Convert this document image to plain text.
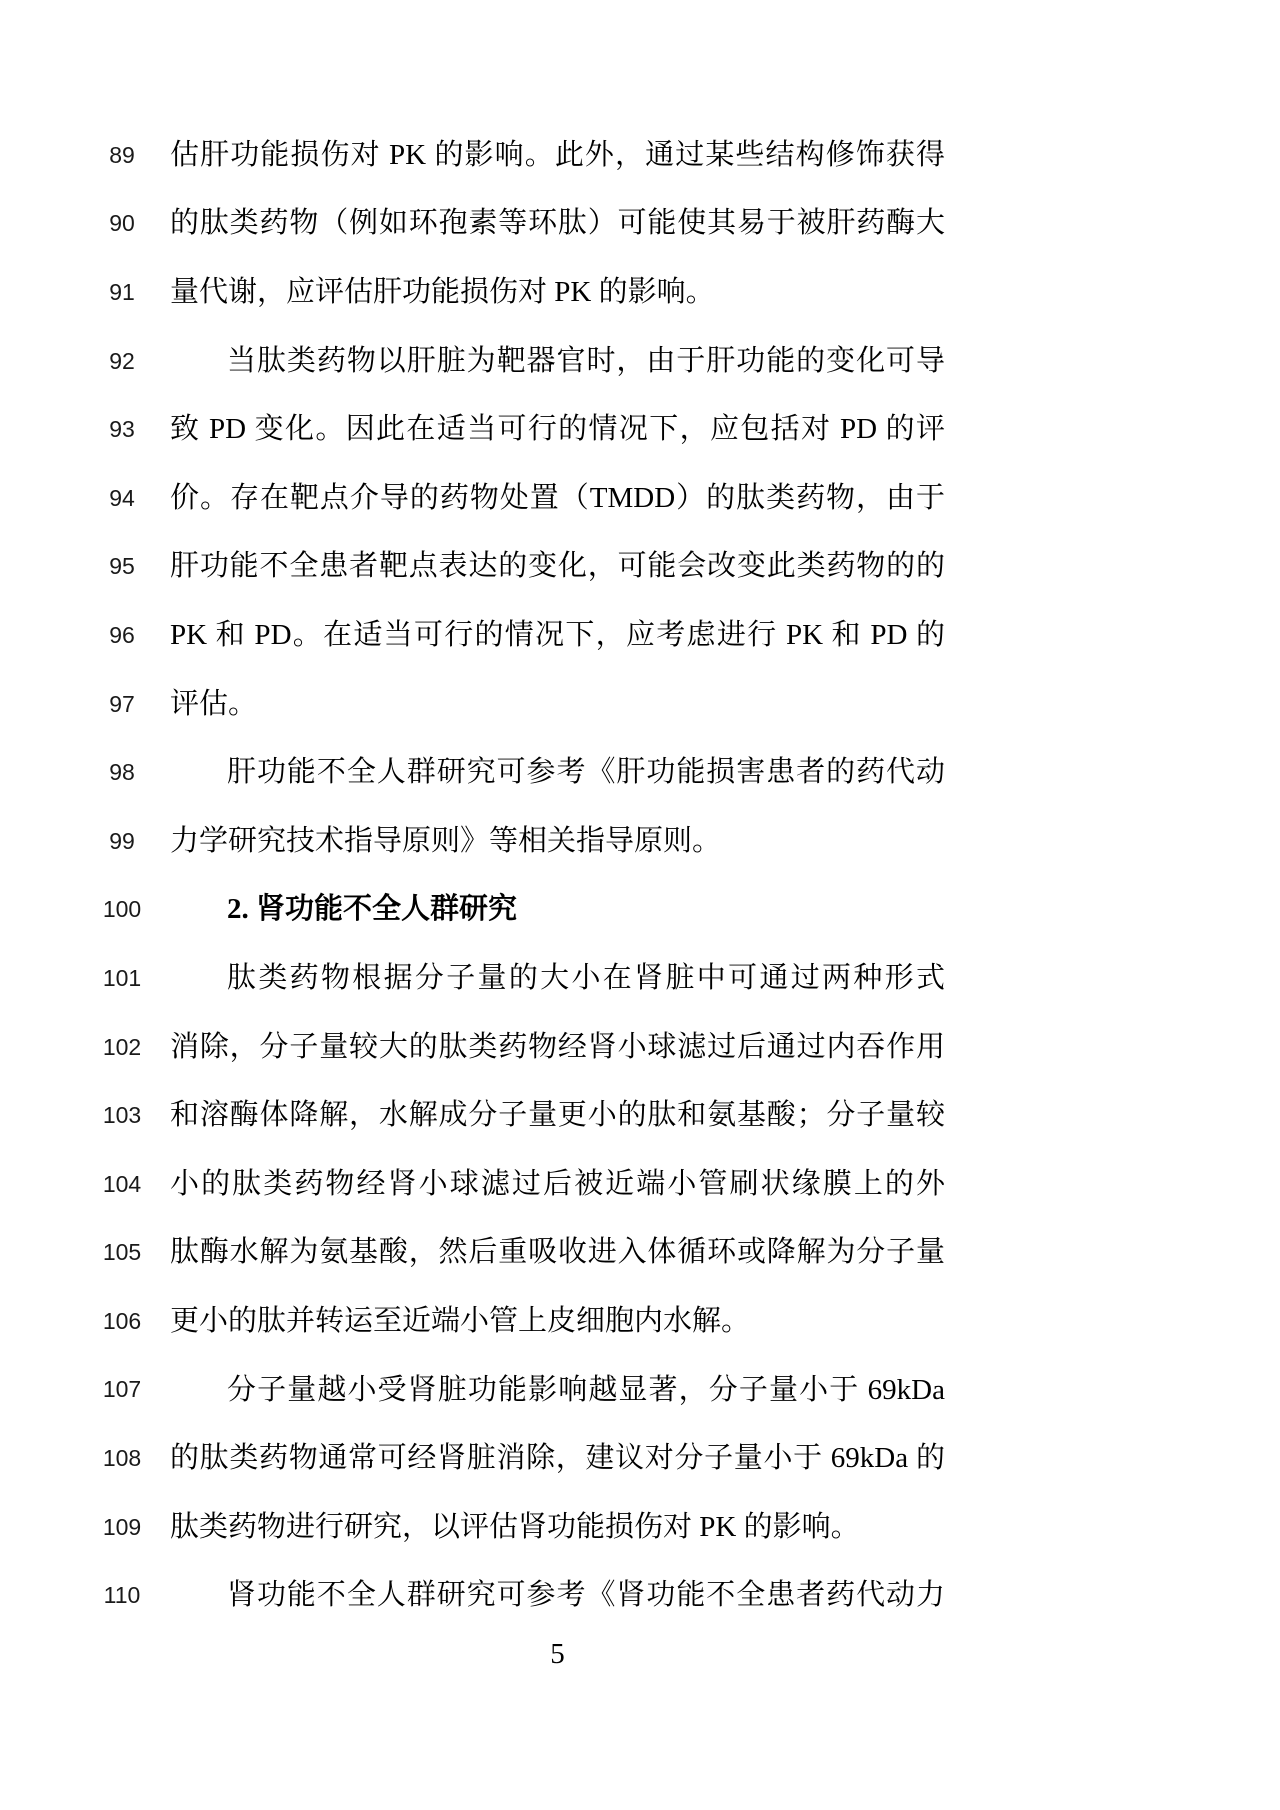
89	估肝功能损伤对 PK 的影响。此外，通过某些结构修饰获得
90	的肽类药物（例如环孢素等环肽）可能使其易于被肝药酶大
91	量代谢，应评估肝功能损伤对 PK 的影响。
92	当肽类药物以肝脏为靶器官时，由于肝功能的变化可导
93	致 PD 变化。因此在适当可行的情况下，应包括对 PD 的评
94	价。存在靶点介导的药物处置（TMDD）的肽类药物，由于
95	肝功能不全患者靶点表达的变化，可能会改变此类药物的的
96	PK 和 PD。在适当可行的情况下，应考虑进行 PK 和 PD 的
97	评估。
98	肝功能不全人群研究可参考《肝功能损害患者的药代动
99	力学研究技术指导原则》等相关指导原则。
100	2. 肾功能不全人群研究
101	肽类药物根据分子量的大小在肾脏中可通过两种形式
102 消除，分子量较大的肽类药物经肾小球滤过后通过内吞作用
103 和溶酶体降解，水解成分子量更小的肽和氨基酸；分子量较
104 小的肽类药物经肾小球滤过后被近端小管刷状缘膜上的外
105 肽酶水解为氨基酸，然后重吸收进入体循环或降解为分子量
106 更小的肽并转运至近端小管上皮细胞内水解。
107	分子量越小受肾脏功能影响越显著，分子量小于 69kDa
108 的肽类药物通常可经肾脏消除，建议对分子量小于 69kDa 的
109 肽类药物进行研究，以评估肾功能损伤对 PK 的影响。
110	肾功能不全人群研究可参考《肾功能不全患者药代动力
5
